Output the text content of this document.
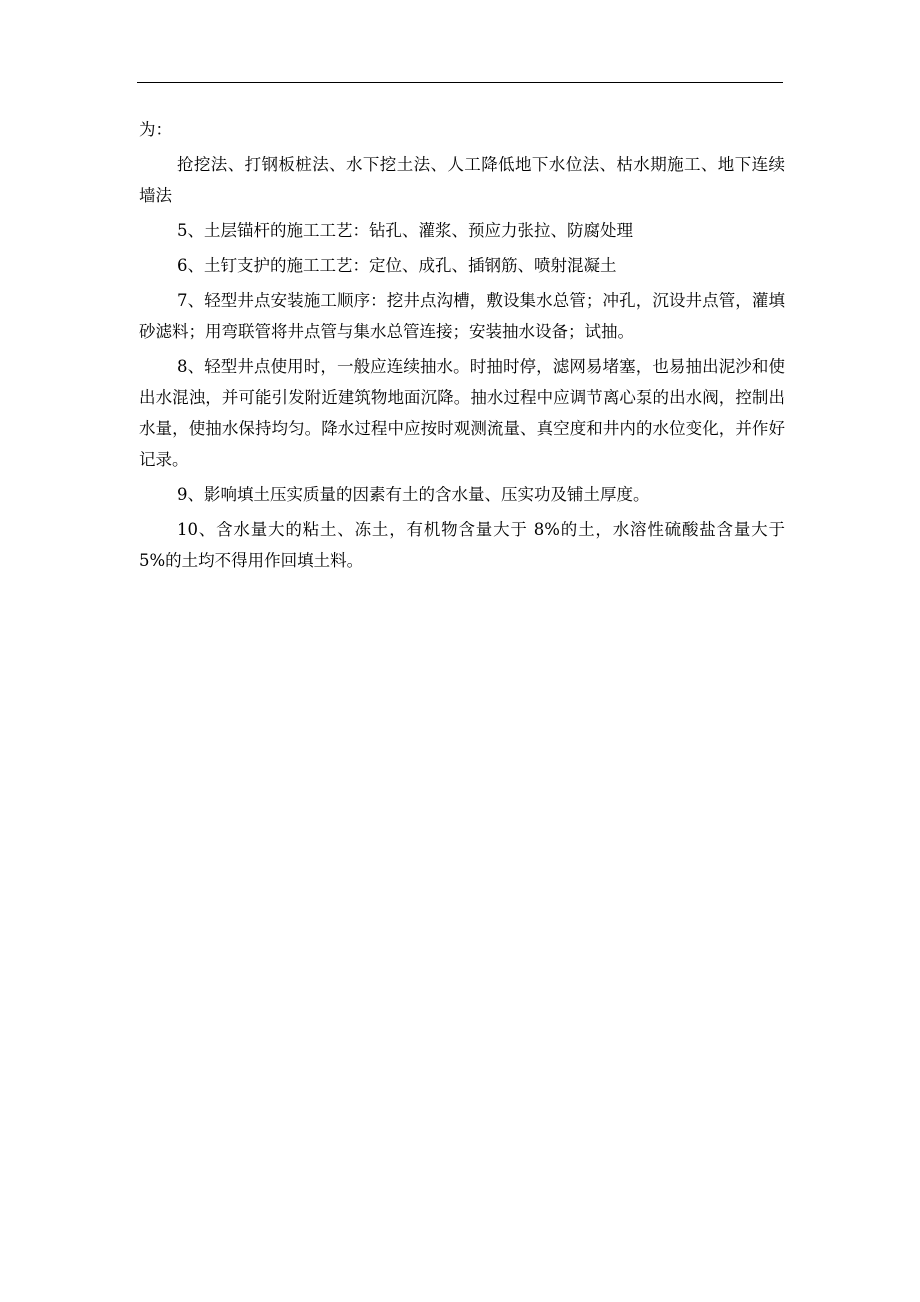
为：

抢挖法、打钢板桩法、水下挖土法、人工降低地下水位法、枯水期施工、地下连续墙法

5、土层锚杆的施工工艺：钻孔、灌浆、预应力张拉、防腐处理

6、土钉支护的施工工艺：定位、成孔、插钢筋、喷射混凝土

7、轻型井点安装施工顺序：挖井点沟槽，敷设集水总管；冲孔，沉设井点管，灌填砂滤料；用弯联管将井点管与集水总管连接；安装抽水设备；试抽。

8、轻型井点使用时，一般应连续抽水。时抽时停，滤网易堵塞，也易抽出泥沙和使出水混浊，并可能引发附近建筑物地面沉降。抽水过程中应调节离心泵的出水阀，控制出水量，使抽水保持均匀。降水过程中应按时观测流量、真空度和井内的水位变化，并作好记录。

9、影响填土压实质量的因素有土的含水量、压实功及铺土厚度。

10、含水量大的粘土、冻土，有机物含量大于 8%的土，水溶性硫酸盐含量大于 5%的土均不得用作回填土料。
